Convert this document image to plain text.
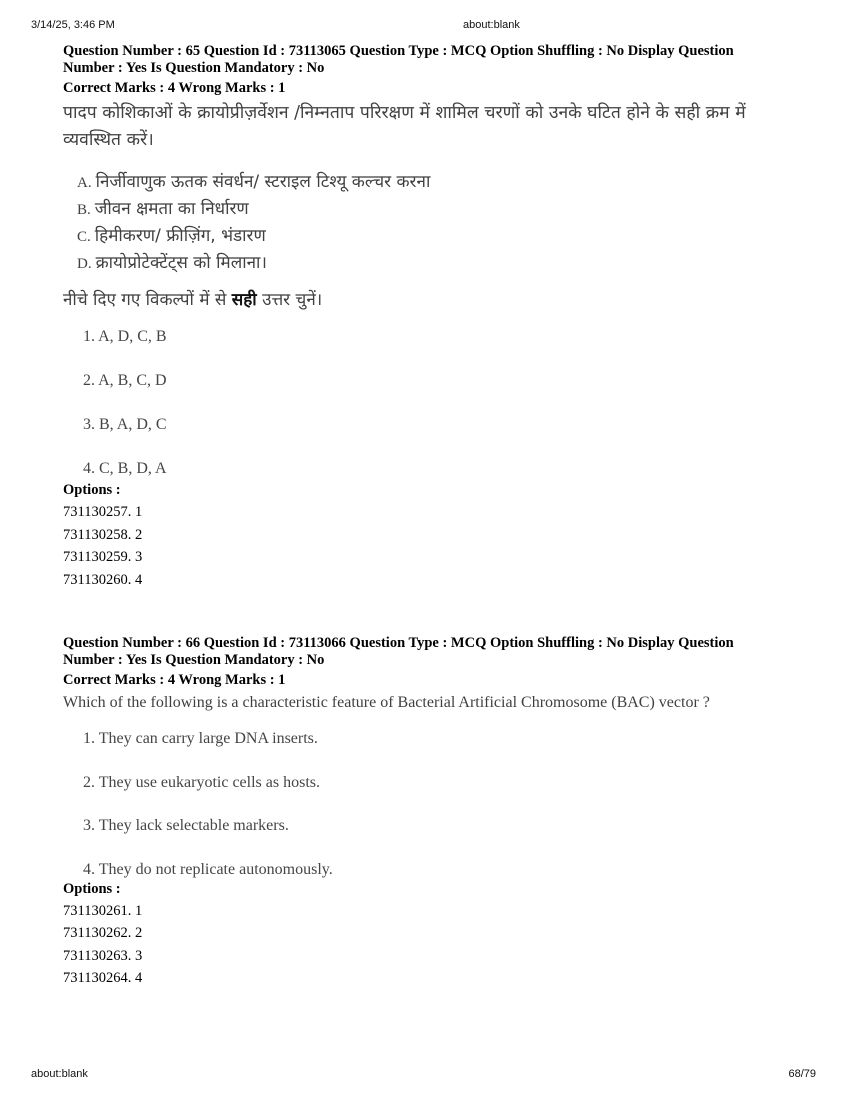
3/14/25, 3:46 PM	about:blank
Question Number : 65 Question Id : 73113065 Question Type : MCQ Option Shuffling : No Display Question
Number : Yes Is Question Mandatory : No
Correct Marks : 4 Wrong Marks : 1
पादप कोशिकाओं के क्रायोप्रीज़र्वेशन /निम्नताप परिरक्षण में शामिल चरणों को उनके घटित होने के सही क्रम में व्यवस्थित करें।
A. निर्जीवाणुक ऊतक संवर्धन/ स्टराइल टिश्यू कल्चर करना
B. जीवन क्षमता का निर्धारण
C. हिमीकरण/ फ्रीज़िंग, भंडारण
D. क्रायोप्रोटेक्टेंट्स को मिलाना।
नीचे दिए गए विकल्पों में से सही उत्तर चुनें।
1. A, D, C, B
2. A, B, C, D
3. B, A, D, C
4. C, B, D, A
Options :
731130257. 1
731130258. 2
731130259. 3
731130260. 4
Question Number : 66 Question Id : 73113066 Question Type : MCQ Option Shuffling : No Display Question
Number : Yes Is Question Mandatory : No
Correct Marks : 4 Wrong Marks : 1
Which of the following is a characteristic feature of Bacterial Artificial Chromosome (BAC) vector ?
1. They can carry large DNA inserts.
2. They use eukaryotic cells as hosts.
3. They lack selectable markers.
4. They do not replicate autonomously.
Options :
731130261. 1
731130262. 2
731130263. 3
731130264. 4
about:blank	68/79
